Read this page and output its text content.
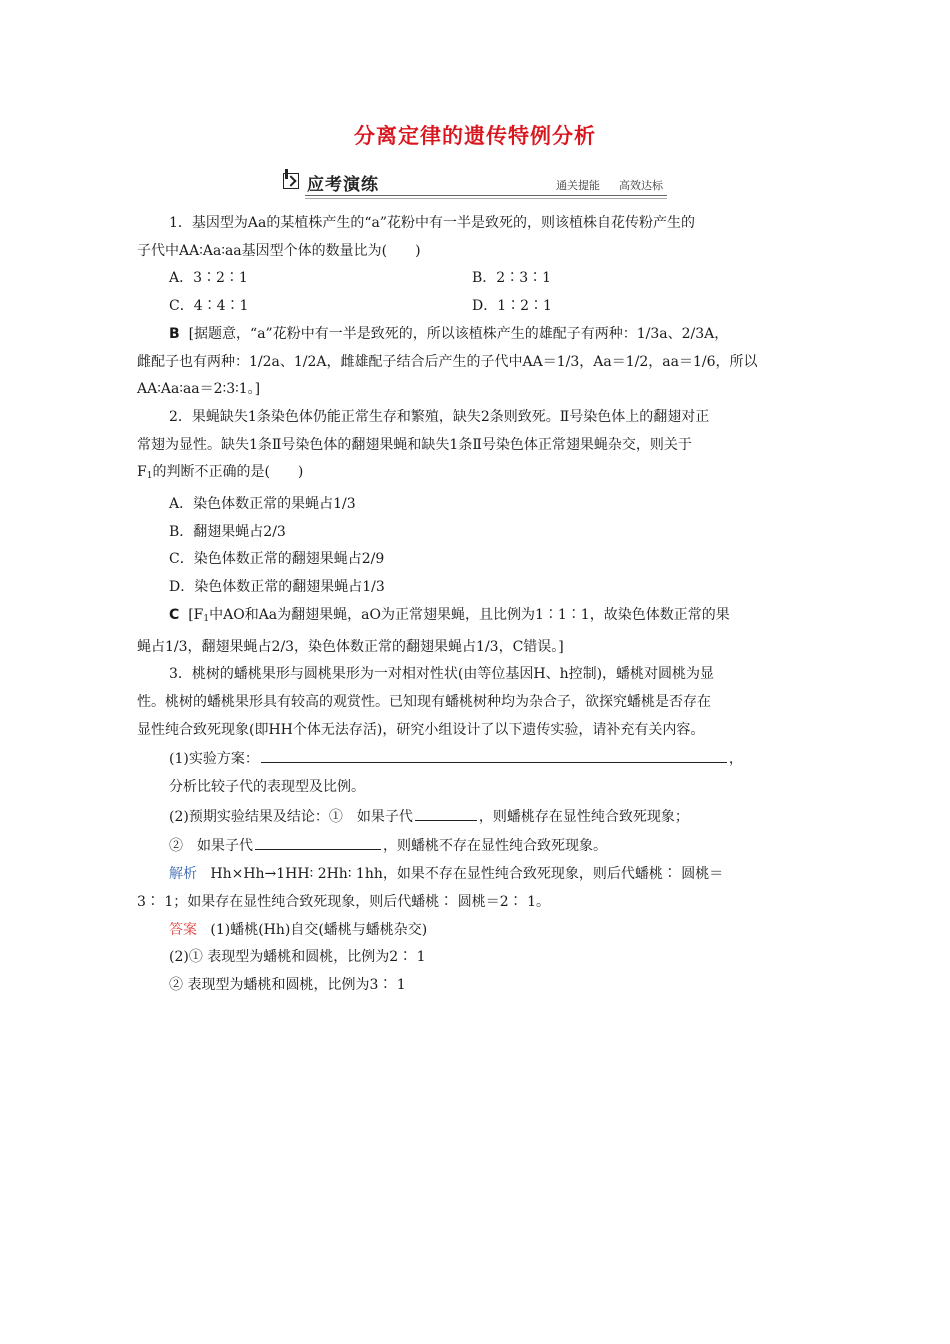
分离定律的遗传特例分析
应考演练	通关提能  高效达标

1．基因型为Aa的某植株产生的“a”花粉中有一半是致死的，则该植株自花传粉产生的

子代中AA∶Aa∶aa基因型个体的数量比为(　　)

A．3∶2∶1	B．2∶3∶1
C．4∶4∶1	D．1∶2∶1

B [据题意，“a”花粉中有一半是致死的，所以该植株产生的雄配子有两种：1/3a、2/3A，

雌配子也有两种：1/2a、1/2A，雌雄配子结合后产生的子代中AA＝1/3，Aa＝1/2，aa＝1/6，所以

AA∶Aa∶aa＝2∶3∶1。]

2．果蝇缺失1条染色体仍能正常生存和繁殖，缺失2条则致死。Ⅱ号染色体上的翻翅对正

常翅为显性。缺失1条Ⅱ号染色体的翻翅果蝇和缺失1条Ⅱ号染色体正常翅果蝇杂交，则关于

F1的判断不正确的是(　　)

A．染色体数正常的果蝇占1/3

B．翻翅果蝇占2/3

C．染色体数正常的翻翅果蝇占2/9

D．染色体数正常的翻翅果蝇占1/3

C [F1中AO和Aa为翻翅果蝇，aO为正常翅果蝇，且比例为1∶1∶1，故染色体数正常的果

蝇占1/3，翻翅果蝇占2/3，染色体数正常的翻翅果蝇占1/3，C错误。]

3．桃树的蟠桃果形与圆桃果形为一对相对性状(由等位基因H、h控制)，蟠桃对圆桃为显

性。桃树的蟠桃果形具有较高的观赏性。已知现有蟠桃树种均为杂合子，欲探究蟠桃是否存在

显性纯合致死现象(即HH个体无法存活)，研究小组设计了以下遗传实验，请补充有关内容。

(1)实验方案：	，

分析比较子代的表现型及比例。

(2)预期实验结果及结论：①　如果子代	，则蟠桃存在显性纯合致死现象；

②　如果子代	，则蟠桃不存在显性纯合致死现象。

解析 Hh×Hh→1HH∶ 2Hh∶ 1hh，如果不存在显性纯合致死现象，则后代蟠桃∶ 圆桃＝

3∶ 1；如果存在显性纯合致死现象，则后代蟠桃∶ 圆桃＝2∶ 1。

答案 (1)蟠桃(Hh)自交(蟠桃与蟠桃杂交)

(2)① 表现型为蟠桃和圆桃，比例为2∶ 1

② 表现型为蟠桃和圆桃，比例为3∶ 1
